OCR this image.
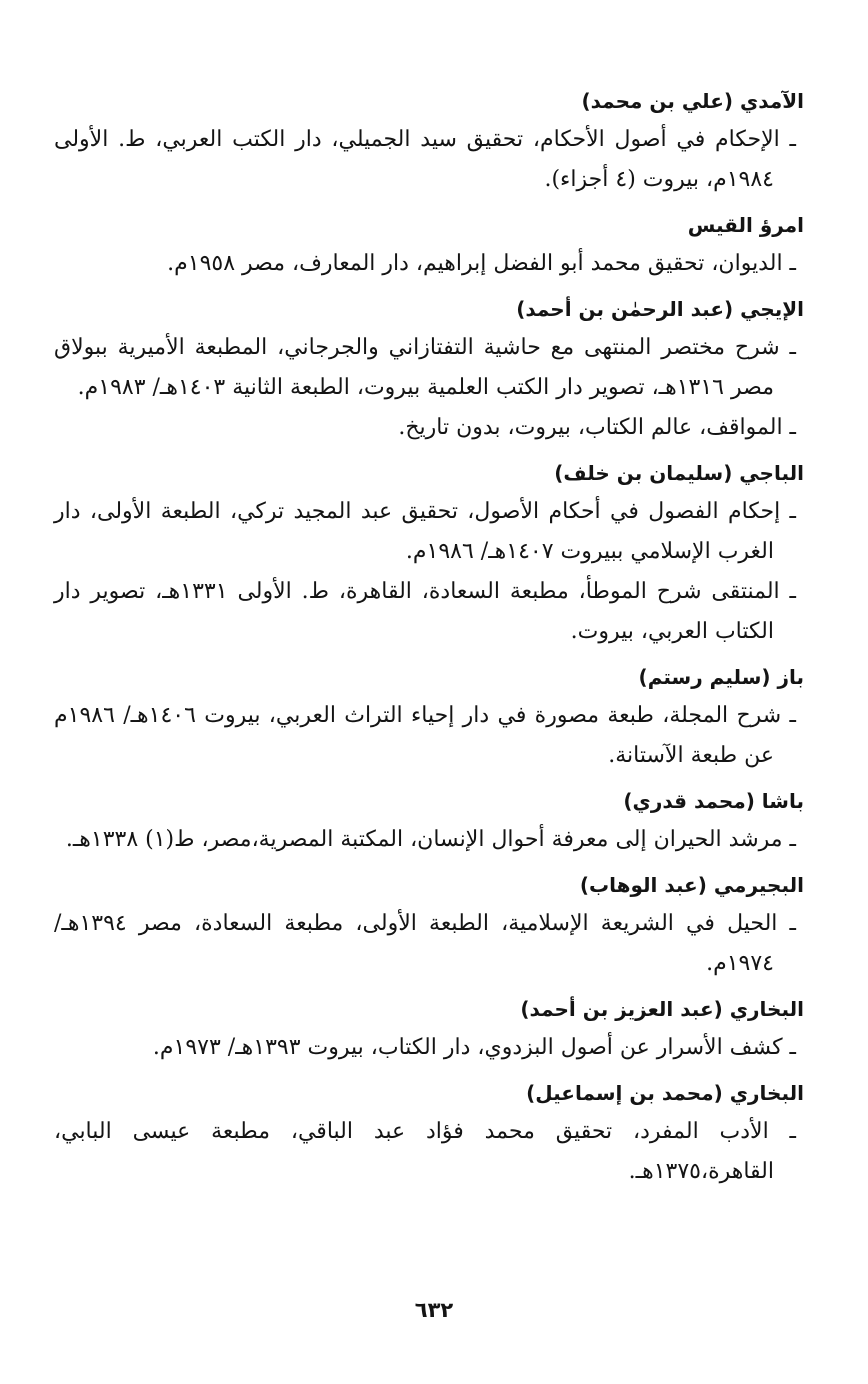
الآمدي (علي بن محمد)
ـ الإحكام في أصول الأحكام، تحقيق سيد الجميلي، دار الكتب العربي، ط. الأولى ١٩٨٤م، بيروت (٤ أجزاء).
امرؤ القيس
ـ الديوان، تحقيق محمد أبو الفضل إبراهيم، دار المعارف، مصر ١٩٥٨م.
الإيجي (عبد الرحمٰن بن أحمد)
ـ شرح مختصر المنتهى مع حاشية التفتازاني والجرجاني، المطبعة الأميرية ببولاق مصر ١٣١٦هـ، تصوير دار الكتب العلمية بيروت، الطبعة الثانية ١٤٠٣هـ/ ١٩٨٣م.
ـ المواقف، عالم الكتاب، بيروت، بدون تاريخ.
الباجي (سليمان بن خلف)
ـ إحكام الفصول في أحكام الأصول، تحقيق عبد المجيد تركي، الطبعة الأولى، دار الغرب الإسلامي ببيروت ١٤٠٧هـ/ ١٩٨٦م.
ـ المنتقى شرح الموطأ، مطبعة السعادة، القاهرة، ط. الأولى ١٣٣١هـ، تصوير دار الكتاب العربي، بيروت.
باز (سليم رستم)
ـ شرح المجلة، طبعة مصورة في دار إحياء التراث العربي، بيروت ١٤٠٦هـ/ ١٩٨٦م عن طبعة الآستانة.
باشا (محمد قدري)
ـ مرشد الحيران إلى معرفة أحوال الإنسان، المكتبة المصرية،مصر، ط(١) ١٣٣٨هـ.
البجيرمي (عبد الوهاب)
ـ الحيل في الشريعة الإسلامية، الطبعة الأولى، مطبعة السعادة، مصر ١٣٩٤هـ/ ١٩٧٤م.
البخاري (عبد العزيز بن أحمد)
ـ كشف الأسرار عن أصول البزدوي، دار الكتاب، بيروت ١٣٩٣هـ/ ١٩٧٣م.
البخاري (محمد بن إسماعيل)
ـ الأدب المفرد، تحقيق محمد فؤاد عبد الباقي، مطبعة عيسى البابي، القاهرة،١٣٧٥هـ.
٦٣٢
